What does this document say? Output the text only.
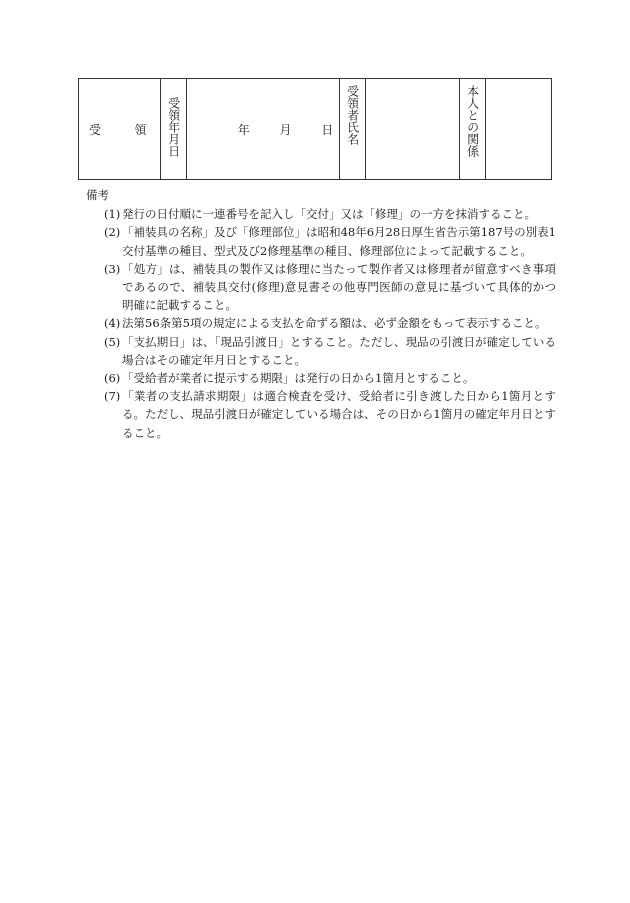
受	領	受領年月日	年 月 日	受領者氏名		本人との関係

備考
(1) 発行の日付順に一連番号を記入し「交付」又は「修理」の一方を抹消すること。
(2) 「補装具の名称」及び「修理部位」は昭和48年6月28日厚生省告示第187号の別表1交付基準の種目、型式及び2修理基準の種目、修理部位によって記載すること。
(3) 「処方」は、補装具の製作又は修理に当たって製作者又は修理者が留意すべき事項であるので、補装具交付(修理)意見書その他専門医師の意見に基づいて具体的かつ明確に記載すること。
(4) 法第56条第5項の規定による支払を命ずる額は、必ず金額をもって表示すること。
(5) 「支払期日」は、「現品引渡日」とすること。ただし、現品の引渡日が確定している場合はその確定年月日とすること。
(6) 「受給者が業者に提示する期限」は発行の日から1箇月とすること。
(7) 「業者の支払請求期限」は適合検査を受け、受給者に引き渡した日から1箇月とする。ただし、現品引渡日が確定している場合は、その日から1箇月の確定年月日とすること。
